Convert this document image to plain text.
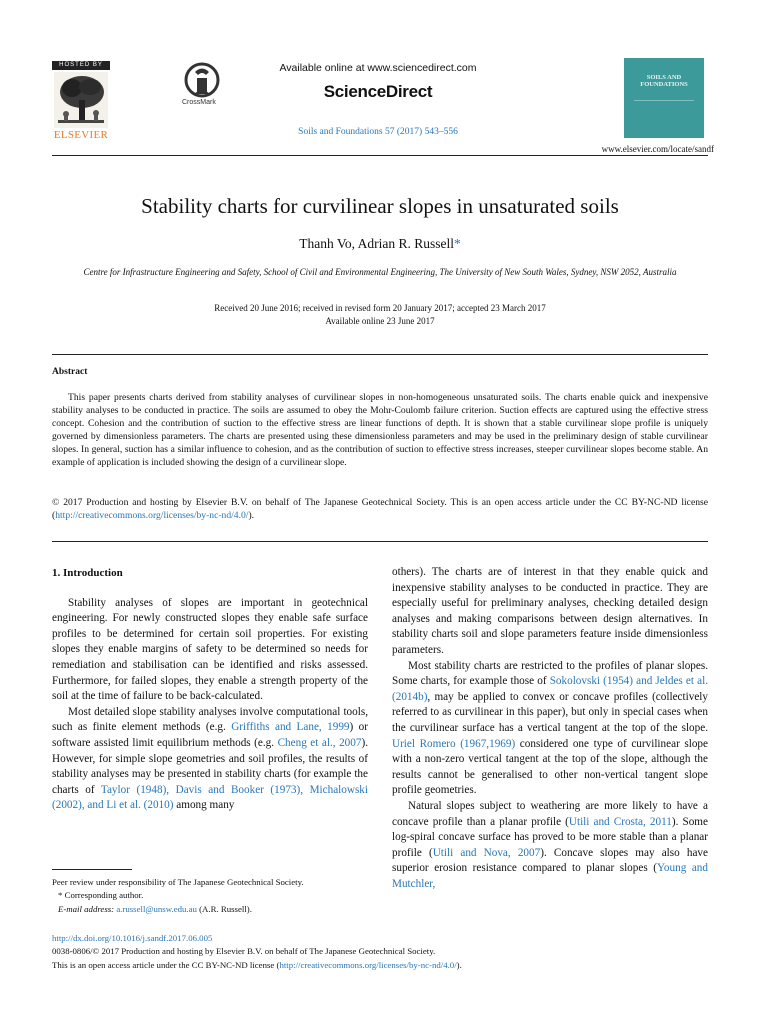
HOSTED BY
ELSEVIER
CrossMark
Available online at www.sciencedirect.com
ScienceDirect
Soils and Foundations 57 (2017) 543–556
SOILS AND FOUNDATIONS
www.elsevier.com/locate/sandf
Stability charts for curvilinear slopes in unsaturated soils
Thanh Vo, Adrian R. Russell*
Centre for Infrastructure Engineering and Safety, School of Civil and Environmental Engineering, The University of New South Wales, Sydney, NSW 2052, Australia
Received 20 June 2016; received in revised form 20 January 2017; accepted 23 March 2017
Available online 23 June 2017
Abstract
This paper presents charts derived from stability analyses of curvilinear slopes in non-homogeneous unsaturated soils. The charts enable quick and inexpensive stability analyses to be conducted in practice. The soils are assumed to obey the Mohr-Coulomb failure criterion. Suction effects are captured using the effective stress concept. Cohesion and the contribution of suction to the effective stress are linear functions of depth. It is shown that a stable curvilinear slope profile is uniquely governed by dimensionless parameters. The charts are presented using these dimensionless parameters and may be used in the preliminary design of stable curvilinear slopes. In general, suction has a similar influence to cohesion, and as the contribution of suction to effective stress increases, steeper curvilinear slopes become stable. An example of application is included showing the design of a curvilinear slope.
© 2017 Production and hosting by Elsevier B.V. on behalf of The Japanese Geotechnical Society. This is an open access article under the CC BY-NC-ND license (http://creativecommons.org/licenses/by-nc-nd/4.0/).

1. Introduction

Stability analyses of slopes are important in geotechnical engineering. For newly constructed slopes they enable safe surface profiles to be determined for certain soil properties. For existing slopes they enable margins of safety to be determined so needs for remediation and stabilisation can be identified and risks assessed. Furthermore, for failed slopes, they enable a strength property of the soil at the time of failure to be back-calculated.

Most detailed slope stability analyses involve computational tools, such as finite element methods (e.g. Griffiths and Lane, 1999) or software assisted limit equilibrium methods (e.g. Cheng et al., 2007). However, for simple slope geometries and soil profiles, the results of stability analyses may be presented in stability charts (for example the charts of Taylor (1948), Davis and Booker (1973), Michalowski (2002), and Li et al. (2010) among many

others). The charts are of interest in that they enable quick and inexpensive stability analyses to be conducted in practice. They are especially useful for preliminary analyses, checking detailed design analyses and making comparisons between design alternatives. In stability charts soil and slope parameters feature inside dimensionless parameters.

Most stability charts are restricted to the profiles of planar slopes. Some charts, for example those of Sokolovski (1954) and Jeldes et al. (2014b), may be applied to convex or concave profiles (collectively referred to as curvilinear in this paper), but only in special cases when the curvilinear surface has a vertical tangent at the top of the slope. Uriel Romero (1967,1969) considered one type of curvilinear slope with a non-zero vertical tangent at the top of the slope, although the results cannot be generalised to other non-vertical tangent slope profile geometries.

Natural slopes subject to weathering are more likely to have a concave profile than a planar profile (Utili and Crosta, 2011). Some log-spiral concave surface has proved to be more stable than a planar profile (Utili and Nova, 2007). Concave slopes may also have superior erosion resistance compared to planar slopes (Young and Mutchler,

Peer review under responsibility of The Japanese Geotechnical Society.
* Corresponding author.
E-mail address: a.russell@unsw.edu.au (A.R. Russell).
http://dx.doi.org/10.1016/j.sandf.2017.06.005
0038-0806/© 2017 Production and hosting by Elsevier B.V. on behalf of The Japanese Geotechnical Society.
This is an open access article under the CC BY-NC-ND license (http://creativecommons.org/licenses/by-nc-nd/4.0/).
